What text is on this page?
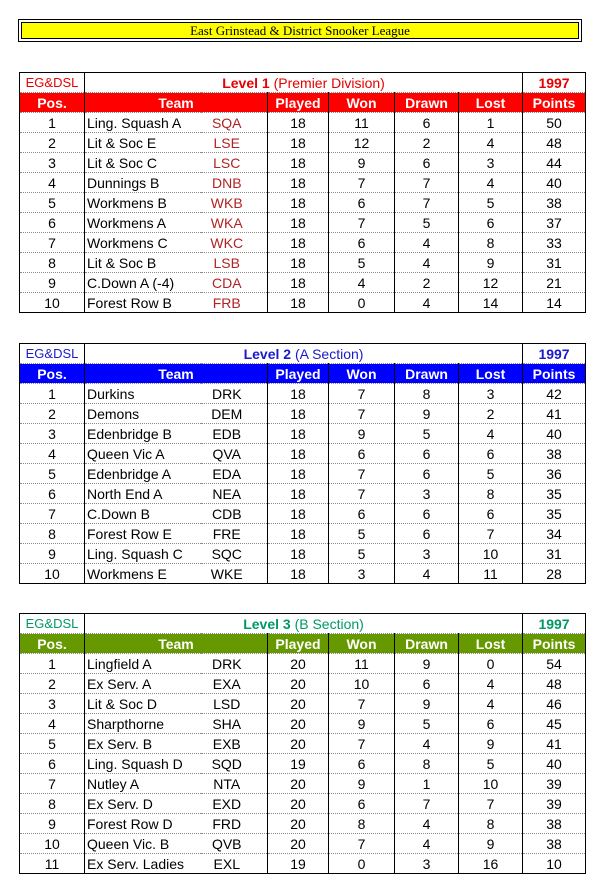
East Grinstead & District Snooker League
EG&DSL	Level 1 (Premier Division)						1997
Pos.	Team		Played	Won	Drawn	Lost	Points
1	Ling. Squash A	SQA	18	11	6	1	50
2	Lit & Soc E	LSE	18	12	2	4	48
3	Lit & Soc C	LSC	18	9	6	3	44
4	Dunnings B	DNB	18	7	7	4	40
5	Workmens B	WKB	18	6	7	5	38
6	Workmens A	WKA	18	7	5	6	37
7	Workmens C	WKC	18	6	4	8	33
8	Lit & Soc B	LSB	18	5	4	9	31
9	C.Down A (-4)	CDA	18	4	2	12	21
10	Forest Row B	FRB	18	0	4	14	14
EG&DSL	Level 2 (A Section)						1997
Pos.	Team		Played	Won	Drawn	Lost	Points
1	Durkins	DRK	18	7	8	3	42
2	Demons	DEM	18	7	9	2	41
3	Edenbridge B	EDB	18	9	5	4	40
4	Queen Vic A	QVA	18	6	6	6	38
5	Edenbridge A	EDA	18	7	6	5	36
6	North End A	NEA	18	7	3	8	35
7	C.Down B	CDB	18	6	6	6	35
8	Forest Row E	FRE	18	5	6	7	34
9	Ling. Squash C	SQC	18	5	3	10	31
10	Workmens E	WKE	18	3	4	11	28
EG&DSL	Level 3 (B Section)						1997
Pos.	Team		Played	Won	Drawn	Lost	Points
1	Lingfield A	DRK	20	11	9	0	54
2	Ex Serv. A	EXA	20	10	6	4	48
3	Lit & Soc D	LSD	20	7	9	4	46
4	Sharpthorne	SHA	20	9	5	6	45
5	Ex Serv. B	EXB	20	7	4	9	41
6	Ling. Squash D	SQD	19	6	8	5	40
7	Nutley A	NTA	20	9	1	10	39
8	Ex Serv. D	EXD	20	6	7	7	39
9	Forest Row D	FRD	20	8	4	8	38
10	Queen Vic. B	QVB	20	7	4	9	38
11	Ex Serv. Ladies	EXL	19	0	3	16	10
